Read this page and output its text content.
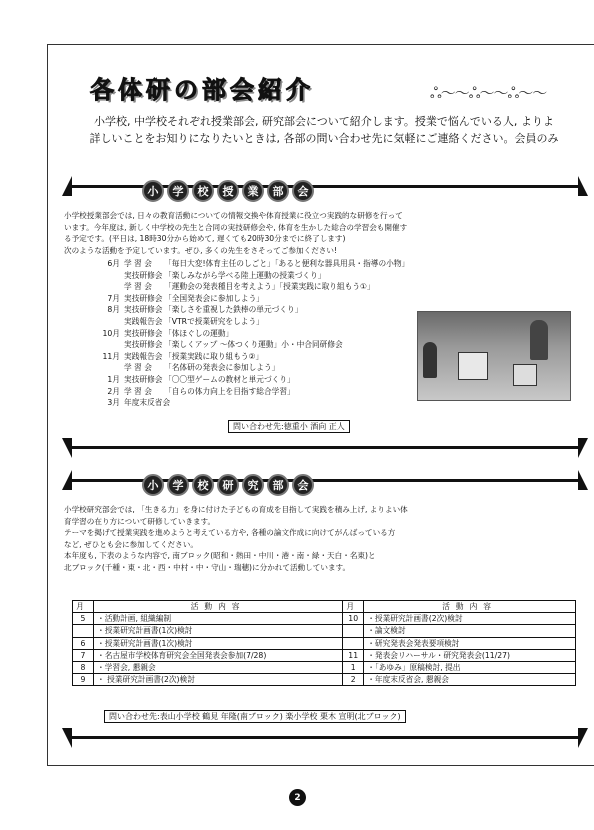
各体研の部会紹介	ஃ〜〜ஃ〜〜ஃ〜〜
小学校, 中学校それぞれ授業部会, 研究部会について紹介します。授業で悩んでいる人, よりよ
詳しいことをお知りになりたいときは, 各部の問い合わせ先に気軽にご連絡ください。会員のみ
小	学	校	授	業	部	会
小学校授業部会では, 日々の教育活動についての情報交換や体育授業に役立つ実践的な研修を行って
います。今年度は, 新しく中学校の先生と合同の実技研修会や, 体育を生かした総合の学習会も開催す
る予定です。(平日は, 18時30分から始めて, 遅くても20時30分までに終了します)
次のような活動を予定しています。ぜひ, 多くの先生をさそってご参加ください!
6月 学 習 会	「毎日大変!体育主任のしごと」「あると便利な器具用具・指導の小物」
実技研修会 「楽しみながら学べる陸上運動の授業づくり」
学 習 会	「運動会の発表種目を考えよう」「授業実践に取り組もう①」
7月 実技研修会 「全国発表会に参加しよう」
8月 実技研修会 「楽しさを重視した鉄棒の単元づくり」
実践報告会 「VTRで授業研究をしよう」
10月 実技研修会 「体ほぐしの運動」
実技研修会 「楽しくアップ ～体つくり運動」小・中合同研修会
11月 実践報告会 「授業実践に取り組もう②」
学 習 会	「名体研の発表会に参加しよう」
1月 実技研修会 「〇〇型ゲームの教材と単元づくり」
2月 学 習 会	「自らの体力向上を目指す総合学習」
3月 年度末反省会
問い合わせ先:徳重小 酒向 正人
小	学	校	研	究	部	会
小学校研究部会では, 「生きる力」を身に付けた子どもの育成を目指して実践を積み上げ, よりよい体
育学習の在り方について研修していきます。
テーマを掲げて授業実践を進めようと考えている方や, 各種の論文作成に向けてがんばっている方
など, ぜひとも会に参加してください。
本年度も, 下表のような内容で, 南ブロック(昭和・熱田・中川・港・南・緑・天白・名東)と
北ブロック(千種・東・北・西・中村・中・守山・瑞穂)に分かれて活動しています。
月	活動内容	月	活動内容
5	・活動計画, 組織編制	10	・授業研究計画書(2次)検討
	・授業研究計画書(1次)検討		・論文検討
6	・授業研究計画書(1次)検討		・研究発表会発表要項検討
7	・名古屋市学校体育研究会全国発表会参加(7/28)	11	・発表会リハーサル・研究発表会(11/27)
8	・学習会, 懇親会	1	・「あゆみ」原稿検討, 提出
9	・ 授業研究計画書(2次)検討	2	・年度末反省会, 懇親会
問い合わせ先:表山小学校 鶴見 年隆(南ブロック) 楽小学校 栗木 宣明(北ブロック)
2
